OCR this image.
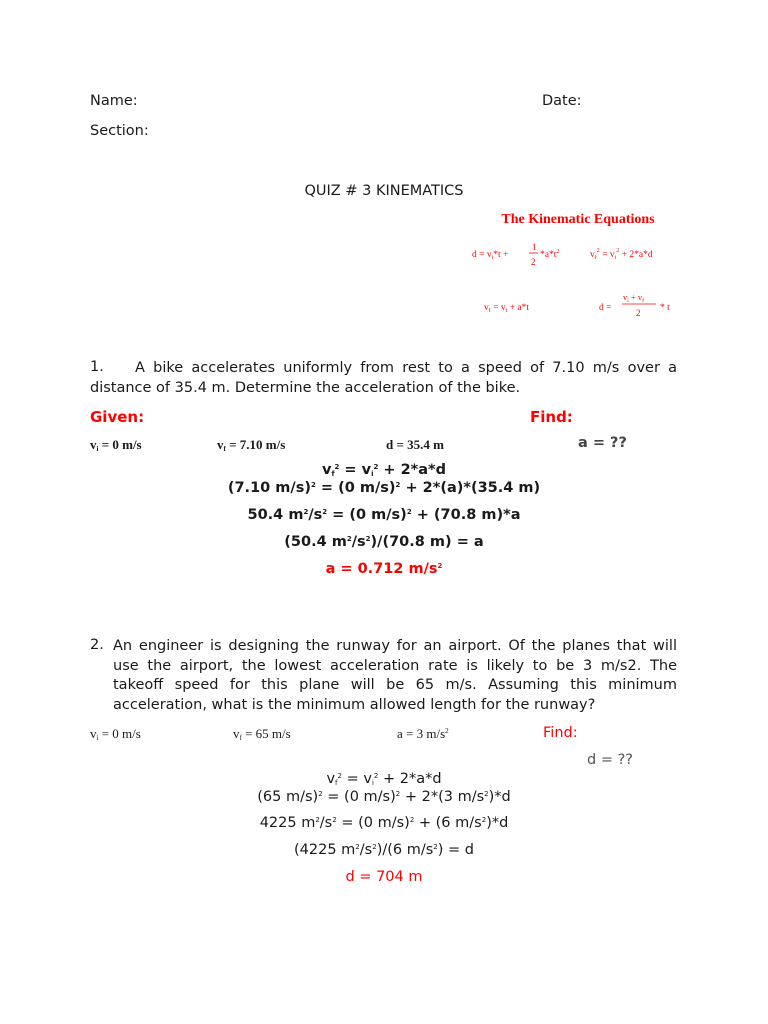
Name:	Date:
Section:
QUIZ # 3 KINEMATICS
The Kinematic Equations
$d = v_i*t$ +
1
2
$*a*t^2$	$v_f^2 = v_i^2 + 2*a*d$
$v_f = v_i + a*t$	d =
$v_i + v_f$
2 * t
1.	A bike accelerates uniformly from rest to a speed of 7.10 m/s over a distance of 35.4 m. Determine the acceleration of the bike.
Given:	Find:
$v_i = 0$ m/s	$v_f = 7.10$ m/s	d = 35.4 m	a = ??
$v_f^2 = v_i^2 + 2*a*d$
(7.10 m/s)$^2$ = (0 m/s)$^2$ + 2*(a)*(35.4 m)
50.4 $m^2/s^2 = (0$ m/s)$^2$ + (70.8 m)*a
(50.4 $m^2/s^2)/(70.8$ m) = a
a = 0.712 $m/s^2$
2. An engineer is designing the runway for an airport. Of the planes that will use the airport, the lowest acceleration rate is likely to be 3 m/s2. The takeoff speed for this plane will be 65 m/s. Assuming this minimum acceleration, what is the minimum allowed length for the runway?
$v_i = 0$ m/s	$v_f = 65$ m/s	a = 3 $m/s^2$	Find:
d = ??
$v_f^2 = v_i^2 + 2*a*d$
(65 m/s)$^2$ = (0 m/s)$^2$ + 2*(3 $m/s^2)*d$
4225 $m^2/s^2 = (0$ m/s)$^2$ + (6 $m/s^2)*d$
(4225 $m^2/s^2)/(6$ $m/s^2) = d$
d = 704 m
